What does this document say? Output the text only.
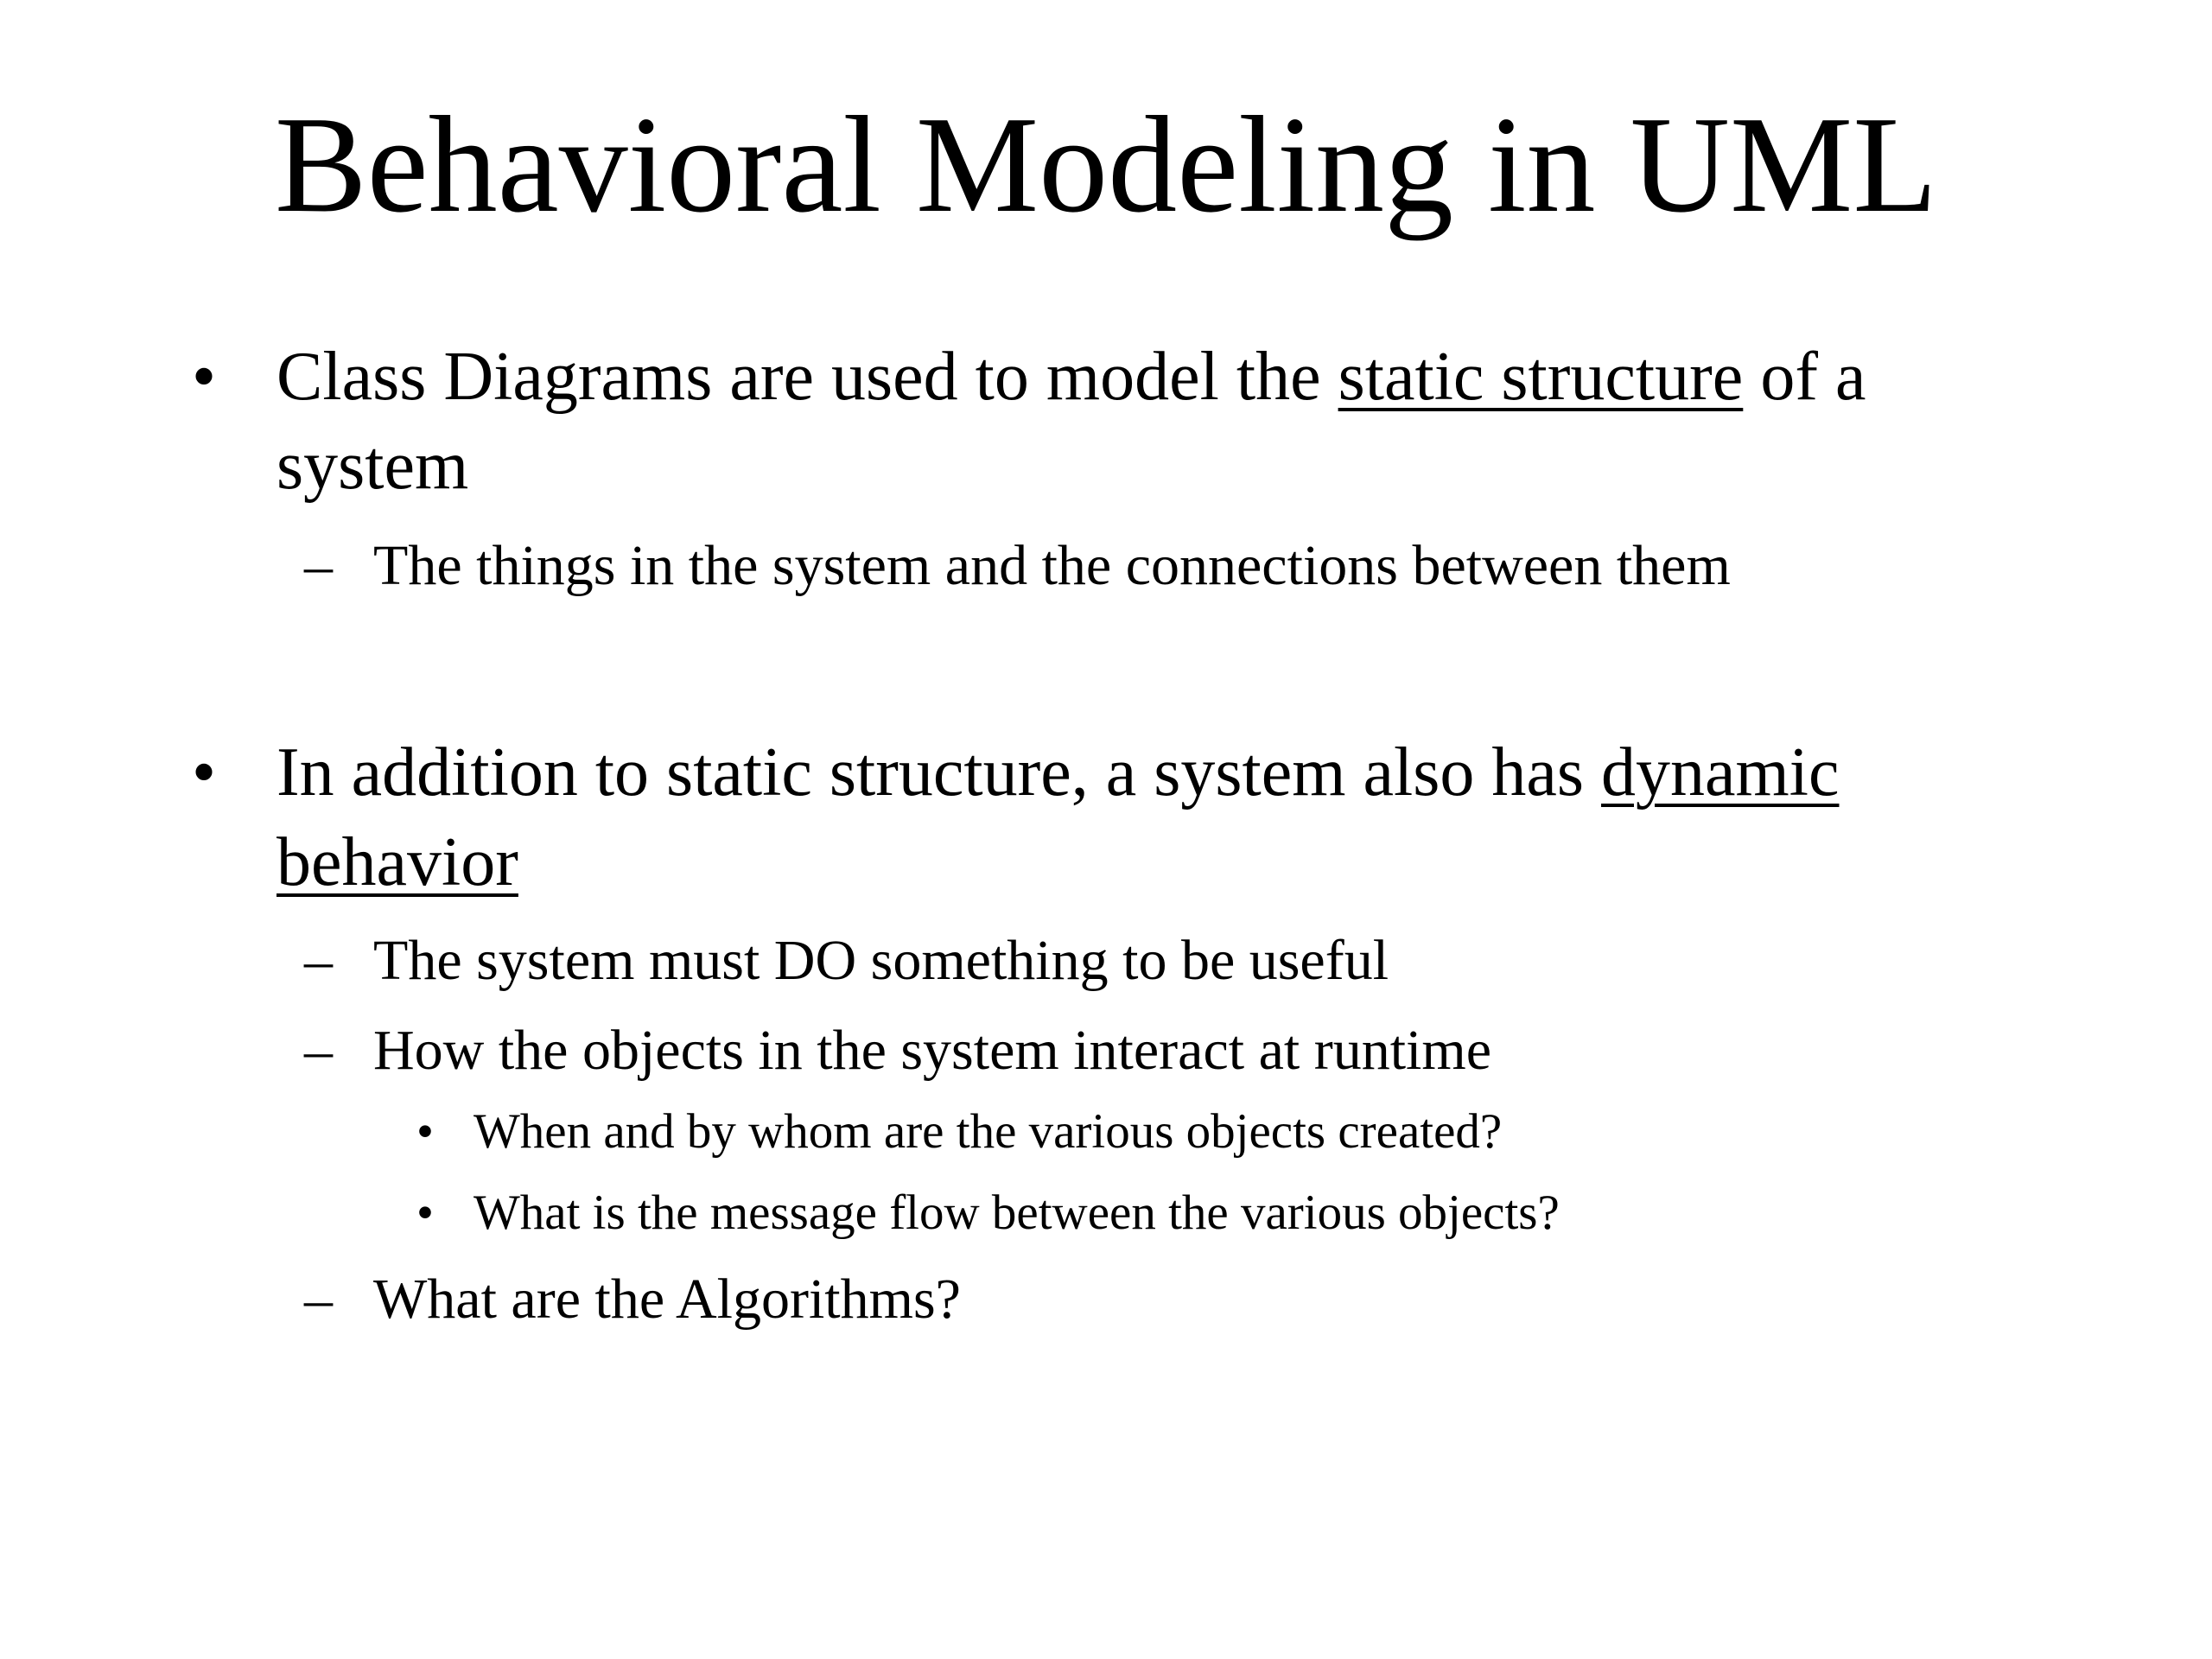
Behavioral Modeling in UML
• Class Diagrams are used to model the static structure of a
system
– The things in the system and the connections between them
• In addition to static structure, a system also has dynamic
behavior
– The system must DO something to be useful
– How the objects in the system interact at runtime
• When and by whom are the various objects created?
• What is the message flow between the various objects?
– What are the Algorithms?
